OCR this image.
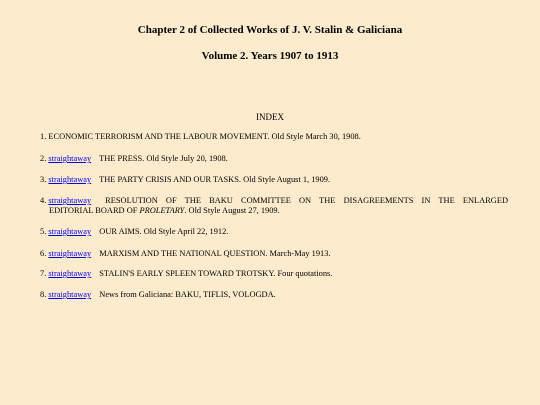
Chapter 2 of Collected Works of J. V. Stalin & Galiciana
Volume 2. Years 1907 to 1913
INDEX
1. ECONOMIC TERRORISM AND THE LABOUR MOVEMENT. Old Style March 30, 1908.
2. straightaway THE PRESS. Old Style July 20, 1908.
3. straightaway THE PARTY CRISIS AND OUR TASKS. Old Style August 1, 1909.
4. straightaway	RESOLUTION OF THE BAKU COMMITTEE ON THE DISAGREEMENTS IN THE ENLARGED
EDITORIAL BOARD OF PROLETARY. Old Style August 27, 1909.
5. straightaway OUR AIMS. Old Style April 22, 1912.
6. straightaway MARXISM AND THE NATIONAL QUESTION. March-May 1913.
7. straightaway STALIN'S EARLY SPLEEN TOWARD TROTSKY. Four quotations.
8. straightaway News from Galiciana: BAKU, TIFLIS, VOLOGDA.
